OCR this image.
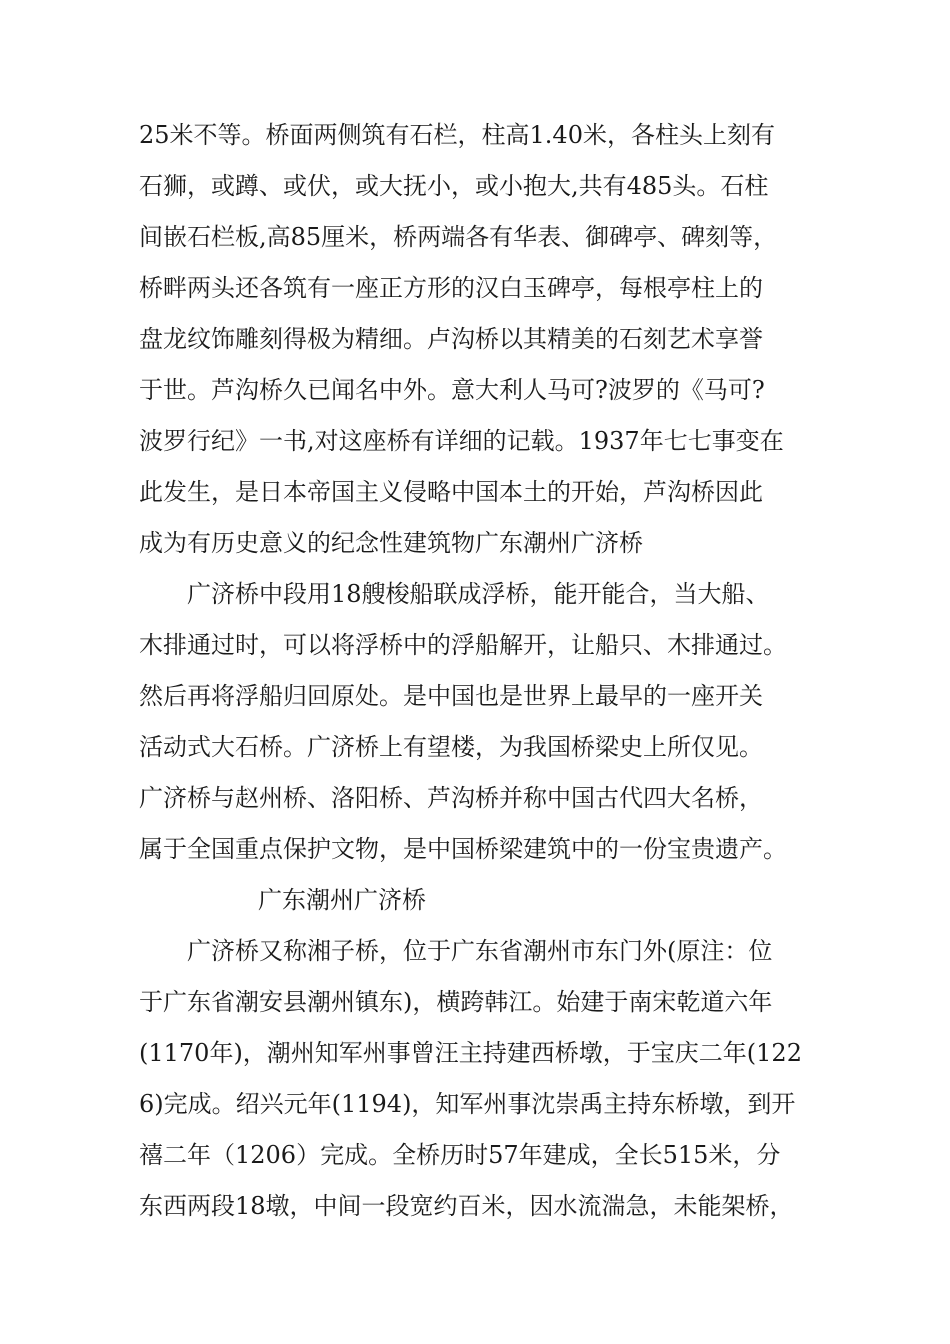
25米不等。桥面两侧筑有石栏，柱高1.40米，各柱头上刻有
石狮，或蹲、或伏，或大抚小，或小抱大,共有485头。石柱
间嵌石栏板,高85厘米，桥两端各有华表、御碑亭、碑刻等，
桥畔两头还各筑有一座正方形的汉白玉碑亭，每根亭柱上的
盘龙纹饰雕刻得极为精细。卢沟桥以其精美的石刻艺术享誉
于世。芦沟桥久已闻名中外。意大利人马可?波罗的《马可?
波罗行纪》一书,对这座桥有详细的记载。1937年七七事变在
此发生，是日本帝国主义侵略中国本土的开始，芦沟桥因此
成为有历史意义的纪念性建筑物广东潮州广济桥
广济桥中段用18艘梭船联成浮桥，能开能合，当大船、
木排通过时，可以将浮桥中的浮船解开，让船只、木排通过。
然后再将浮船归回原处。是中国也是世界上最早的一座开关
活动式大石桥。广济桥上有望楼，为我国桥梁史上所仅见。
广济桥与赵州桥、洛阳桥、芦沟桥并称中国古代四大名桥，
属于全国重点保护文物，是中国桥梁建筑中的一份宝贵遗产。
广东潮州广济桥
广济桥又称湘子桥，位于广东省潮州市东门外(原注：位
于广东省潮安县潮州镇东)，横跨韩江。始建于南宋乾道六年
(1170年)，潮州知军州事曾汪主持建西桥墩，于宝庆二年(122
6)完成。绍兴元年(1194)，知军州事沈崇禹主持东桥墩，到开
禧二年（1206）完成。全桥历时57年建成，全长515米，分
东西两段18墩，中间一段宽约百米，因水流湍急，未能架桥，
